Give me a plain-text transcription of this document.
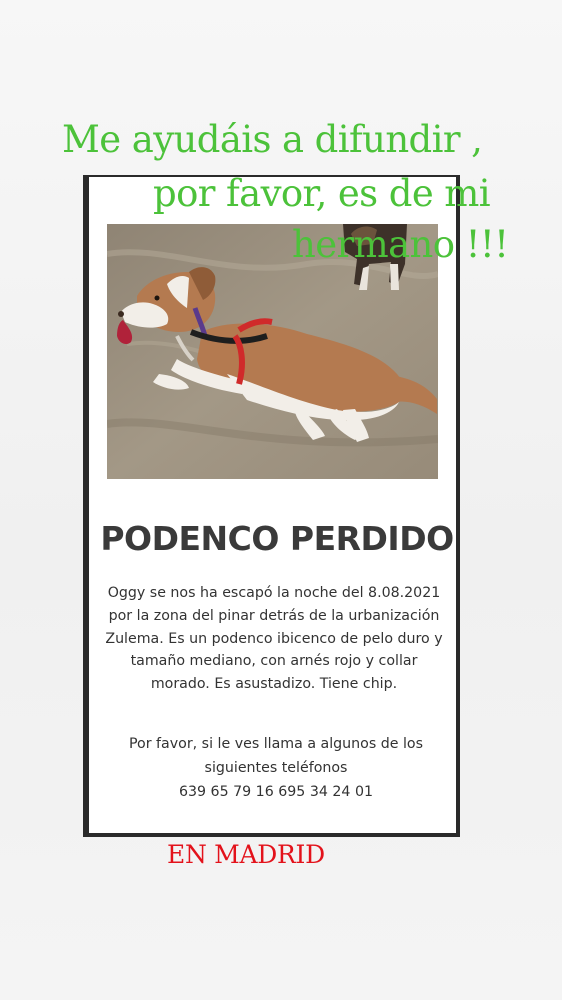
PODENCO PERDIDO
Oggy se nos ha escapó la noche del 8.08.2021
por la zona del pinar detrás de la urbanización
Zulema. Es un podenco ibicenco de pelo duro y
tamaño mediano, con arnés rojo y collar
morado. Es asustadizo. Tiene chip.
Por favor, si le ves llama a algunos de los
siguientes teléfonos
639 65 79 16 695 34 24 01
Me ayudáis a difundir ,
por favor, es de mi
hermano !!!
EN MADRID
